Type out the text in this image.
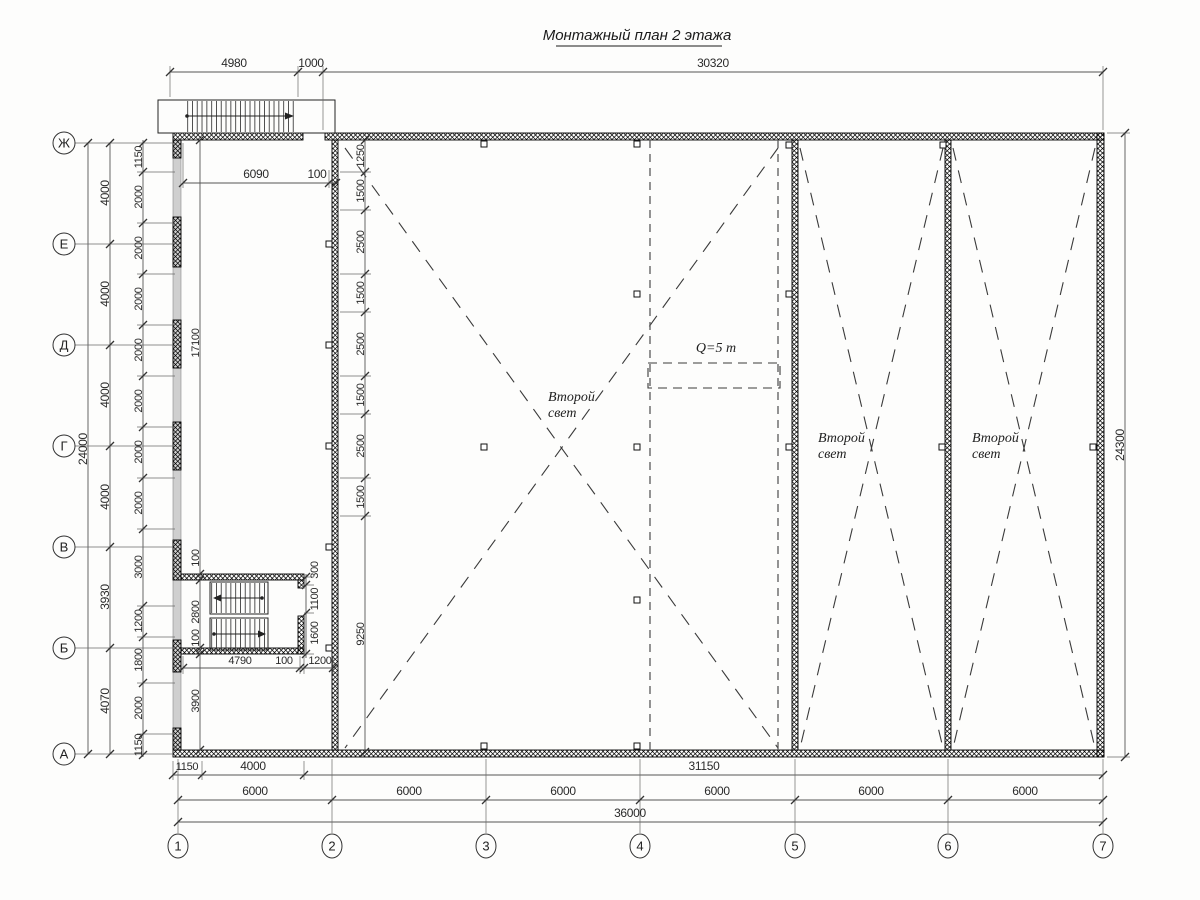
Монтажный план 2 этажа
Q=5 т
Второй
свет
Второй
свет
Второй
свет
4980	1000	30320
6090	100
24300
24000
4000
4000
4000
4000
3930
4070
1150
2000
2000
2000
2000
2000
2000
2000
3000
1200
1800
2000
1150
1250
1500
2500
1500
2500
1500
2500
1500
9250
17100
100
2800
100
3900
300
1100
1600
4790 100 1200
1150	4000	31150
6000	6000	6000	6000	6000	6000
36000
Ж
Е
Д
Г
В
Б
А
1	2	3	4	5	6	7
